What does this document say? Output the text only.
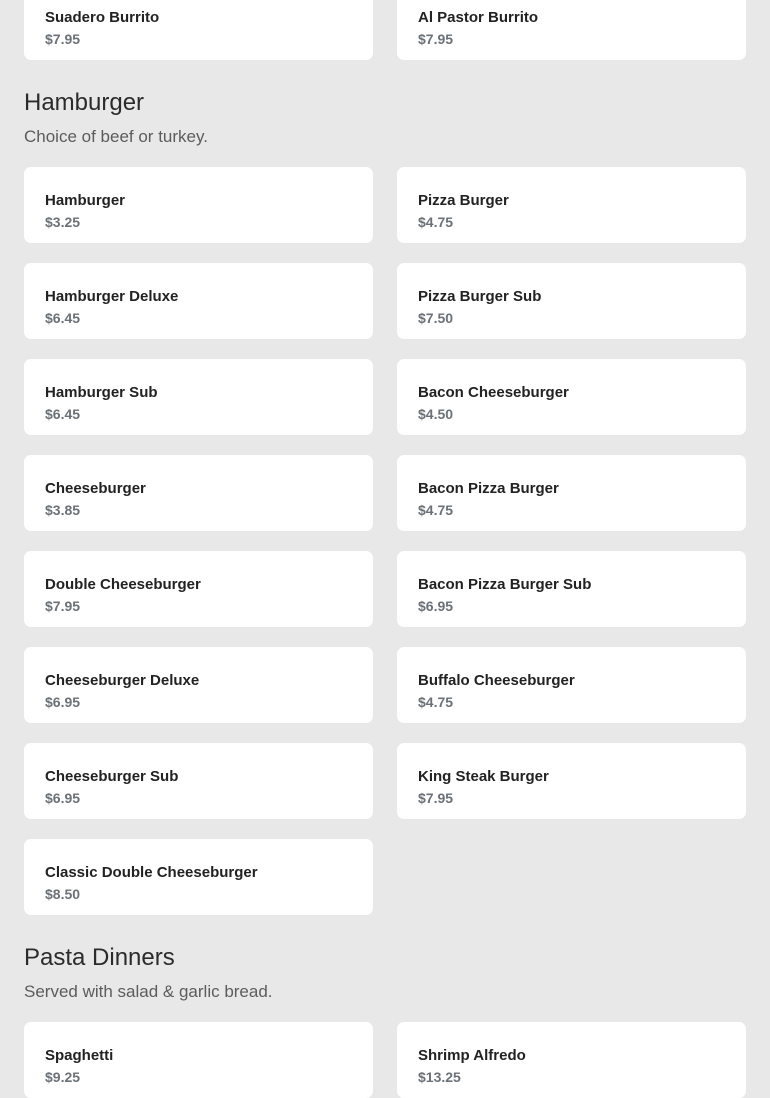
Suadero Burrito
$7.95
Al Pastor Burrito
$7.95
Hamburger

Choice of beef or turkey.

Hamburger
$3.25
Pizza Burger
$4.75
Hamburger Deluxe
$6.45
Pizza Burger Sub
$7.50
Hamburger Sub
$6.45
Bacon Cheeseburger
$4.50
Cheeseburger
$3.85
Bacon Pizza Burger
$4.75
Double Cheeseburger
$7.95
Bacon Pizza Burger Sub
$6.95
Cheeseburger Deluxe
$6.95
Buffalo Cheeseburger
$4.75
Cheeseburger Sub
$6.95
King Steak Burger
$7.95
Classic Double Cheeseburger
$8.50
Pasta Dinners

Served with salad & garlic bread.

Spaghetti
$9.25
Shrimp Alfredo
$13.25
